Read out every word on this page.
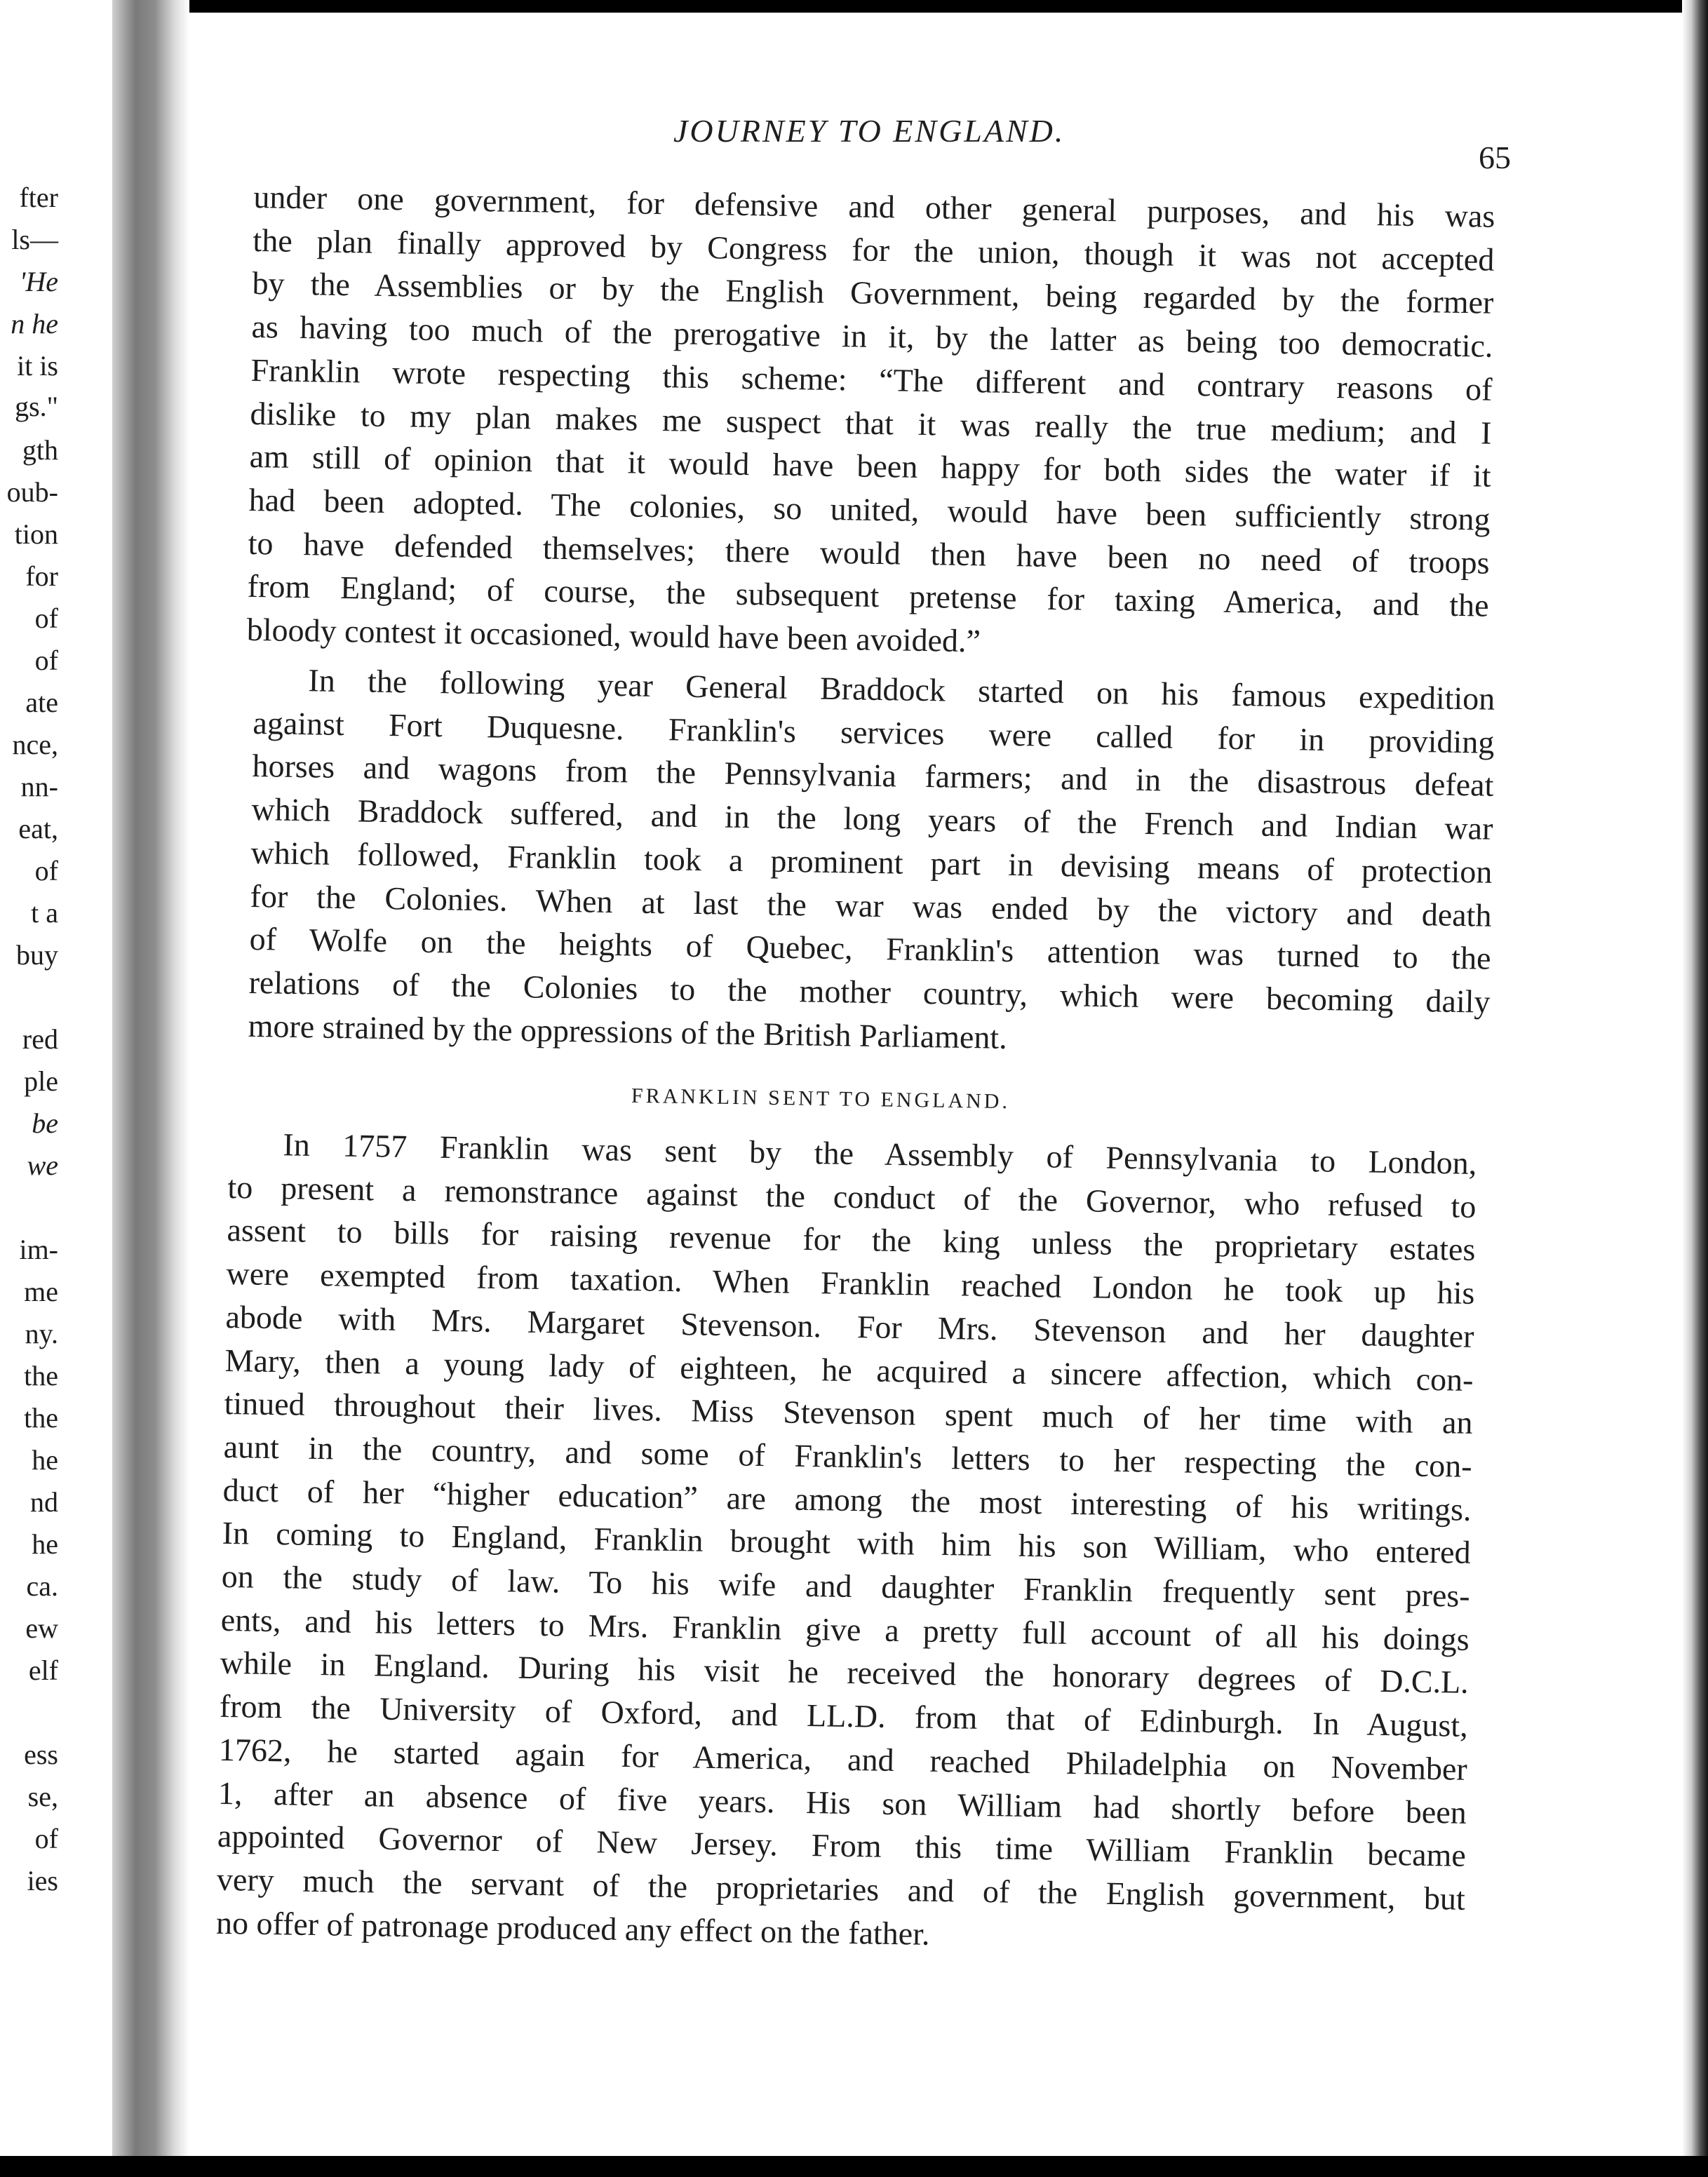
fter
ls—
'He
n he
it is
gs."
gth
oub-
tion
for
of
of
ate
nce,
nn-
eat,
of
t a
buy
red
ple
be
we
im-
me
ny.
the
the
he
nd
he
ca.
ew
elf
ess
se,
of
ies
JOURNEY TO ENGLAND.
65
under one government, for defensive and other general purposes, and his was
the plan finally approved by Congress for the union, though it was not accepted
by the Assemblies or by the English Government, being regarded by the former
as having too much of the prerogative in it, by the latter as being too democratic.
Franklin wrote respecting this scheme: “The different and contrary reasons of
dislike to my plan makes me suspect that it was really the true medium; and I
am still of opinion that it would have been happy for both sides the water if it
had been adopted. The colonies, so united, would have been sufficiently strong
to have defended themselves; there would then have been no need of troops
from England; of course, the subsequent pretense for taxing America, and the
bloody contest it occasioned, would have been avoided.”
In the following year General Braddock started on his famous expedition
against Fort Duquesne. Franklin's services were called for in providing
horses and wagons from the Pennsylvania farmers; and in the disastrous defeat
which Braddock suffered, and in the long years of the French and Indian war
which followed, Franklin took a prominent part in devising means of protection
for the Colonies. When at last the war was ended by the victory and death
of Wolfe on the heights of Quebec, Franklin's attention was turned to the
relations of the Colonies to the mother country, which were becoming daily
more strained by the oppressions of the British Parliament.
FRANKLIN SENT TO ENGLAND.
In 1757 Franklin was sent by the Assembly of Pennsylvania to London,
to present a remonstrance against the conduct of the Governor, who refused to
assent to bills for raising revenue for the king unless the proprietary estates
were exempted from taxation. When Franklin reached London he took up his
abode with Mrs. Margaret Stevenson. For Mrs. Stevenson and her daughter
Mary, then a young lady of eighteen, he acquired a sincere affection, which con-
tinued throughout their lives. Miss Stevenson spent much of her time with an
aunt in the country, and some of Franklin's letters to her respecting the con-
duct of her “higher education” are among the most interesting of his writings.
In coming to England, Franklin brought with him his son William, who entered
on the study of law. To his wife and daughter Franklin frequently sent pres-
ents, and his letters to Mrs. Franklin give a pretty full account of all his doings
while in England. During his visit he received the honorary degrees of D.C.L.
from the University of Oxford, and LL.D. from that of Edinburgh. In August,
1762, he started again for America, and reached Philadelphia on November
1, after an absence of five years. His son William had shortly before been
appointed Governor of New Jersey. From this time William Franklin became
very much the servant of the proprietaries and of the English government, but
no offer of patronage produced any effect on the father.
